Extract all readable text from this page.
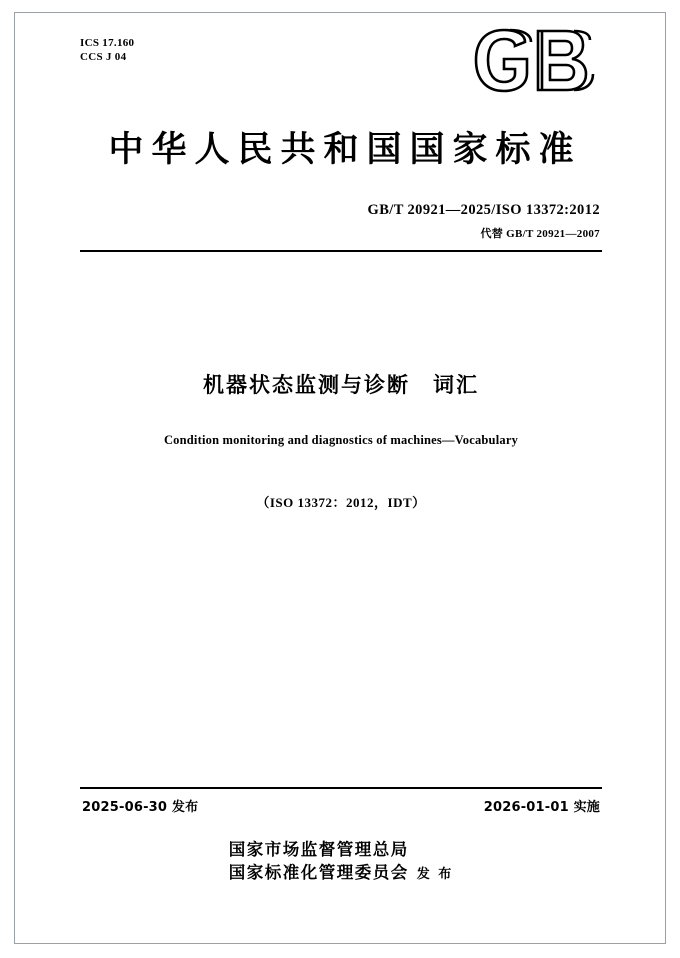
ICS 17.160
CCS J 04
中华人民共和国国家标准
GB/T 20921—2025/ISO 13372:2012
代替 GB/T 20921—2007
机器状态监测与诊断　词汇
Condition monitoring and diagnostics of machines—Vocabulary
（ISO 13372：2012，IDT）
2025-06-30 发布	2026-01-01 实施
国家市场监督管理总局
国家标准化管理委员会 发 布
